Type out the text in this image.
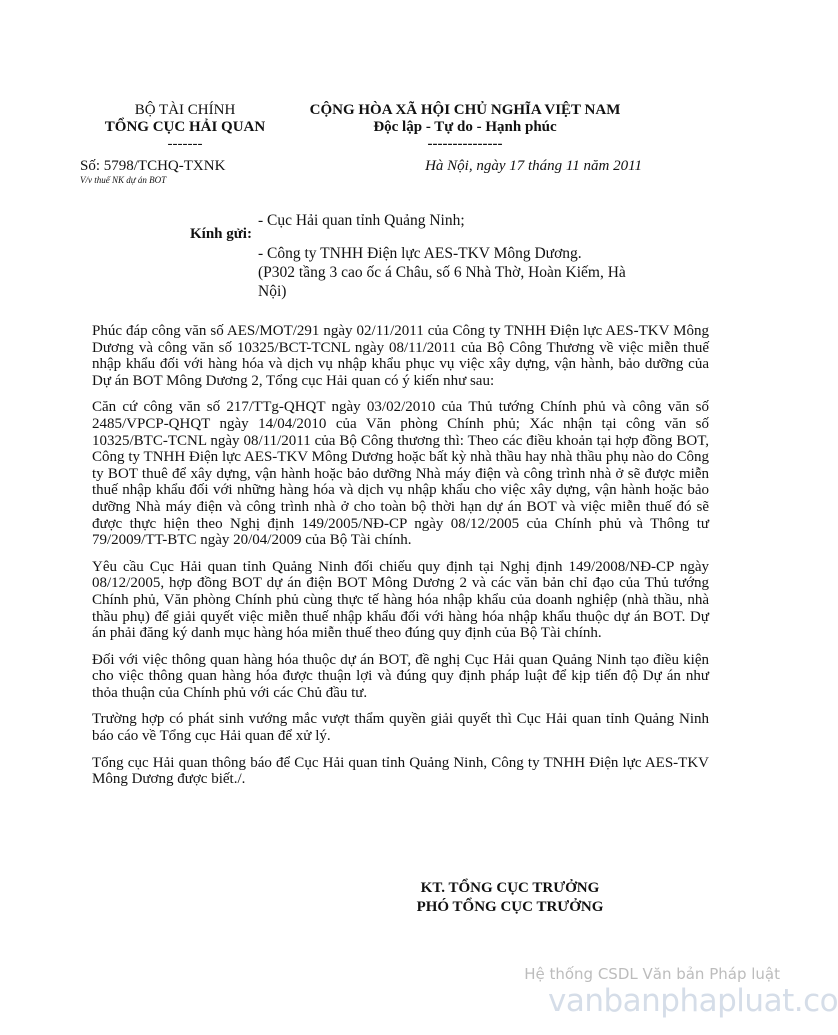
BỘ TÀI CHÍNH
TỔNG CỤC HẢI QUAN
-------
CỘNG HÒA XÃ HỘI CHỦ NGHĨA VIỆT NAM
Độc lập - Tự do - Hạnh phúc
---------------
Số: 5798/TCHQ-TXNK
V/v thuế NK dự án BOT
Hà Nội, ngày 17 tháng 11 năm 2011
Kính gửi:

- Cục Hải quan tỉnh Quảng Ninh;

- Công ty TNHH Điện lực AES-TKV Mông Dương.
(P302 tầng 3 cao ốc á Châu, số 6 Nhà Thờ, Hoàn Kiếm, Hà Nội)

Phúc đáp công văn số AES/MOT/291 ngày 02/11/2011 của Công ty TNHH Điện lực AES-TKV Mông Dương và công văn số 10325/BCT-TCNL ngày 08/11/2011 của Bộ Công Thương về việc miễn thuế nhập khẩu đối với hàng hóa và dịch vụ nhập khẩu phục vụ việc xây dựng, vận hành, bảo dưỡng của Dự án BOT Mông Dương 2, Tổng cục Hải quan có ý kiến như sau:

Căn cứ công văn số 217/TTg-QHQT ngày 03/02/2010 của Thủ tướng Chính phủ và công văn số 2485/VPCP-QHQT ngày 14/04/2010 của Văn phòng Chính phủ; Xác nhận tại công văn số 10325/BTC-TCNL ngày 08/11/2011 của Bộ Công thương thì: Theo các điều khoản tại hợp đồng BOT, Công ty TNHH Điện lực AES-TKV Mông Dương hoặc bất kỳ nhà thầu hay nhà thầu phụ nào do Công ty BOT thuê để xây dựng, vận hành hoặc bảo dưỡng Nhà máy điện và công trình nhà ở sẽ được miễn thuế nhập khẩu đối với những hàng hóa và dịch vụ nhập khẩu cho việc xây dựng, vận hành hoặc bảo dưỡng Nhà máy điện và công trình nhà ở cho toàn bộ thời hạn dự án BOT và việc miễn thuế đó sẽ được thực hiện theo Nghị định 149/2005/NĐ-CP ngày 08/12/2005 của Chính phủ và Thông tư 79/2009/TT-BTC ngày 20/04/2009 của Bộ Tài chính.

Yêu cầu Cục Hải quan tỉnh Quảng Ninh đối chiếu quy định tại Nghị định 149/2008/NĐ-CP ngày 08/12/2005, hợp đồng BOT dự án điện BOT Mông Dương 2 và các văn bản chỉ đạo của Thủ tướng Chính phủ, Văn phòng Chính phủ cùng thực tế hàng hóa nhập khẩu của doanh nghiệp (nhà thầu, nhà thầu phụ) để giải quyết việc miễn thuế nhập khẩu đối với hàng hóa nhập khẩu thuộc dự án BOT. Dự án phải đăng ký danh mục hàng hóa miễn thuế theo đúng quy định của Bộ Tài chính.

Đối với việc thông quan hàng hóa thuộc dự án BOT, đề nghị Cục Hải quan Quảng Ninh tạo điều kiện cho việc thông quan hàng hóa được thuận lợi và đúng quy định pháp luật để kịp tiến độ Dự án như thỏa thuận của Chính phủ với các Chủ đầu tư.

Trường hợp có phát sinh vướng mắc vượt thẩm quyền giải quyết thì Cục Hải quan tỉnh Quảng Ninh báo cáo về Tổng cục Hải quan để xử lý.

Tổng cục Hải quan thông báo để Cục Hải quan tỉnh Quảng Ninh, Công ty TNHH Điện lực AES-TKV Mông Dương được biết./.

KT. TỔNG CỤC TRƯỞNG
PHÓ TỔNG CỤC TRƯỞNG
Hệ thống CSDL Văn bản Pháp luật
vanbanphapluat.co
